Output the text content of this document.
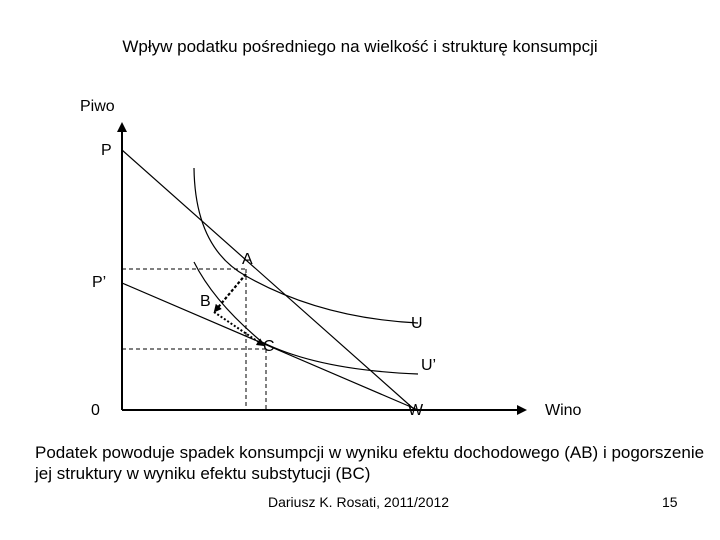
Wpływ podatku pośredniego na wielkość i strukturę konsumpcji
Piwo
Wino
P
P’
0
A
B
C
U
U’
W
Podatek powoduje spadek konsumpcji w wyniku efektu dochodowego (AB) i pogorszenie jej struktury w wyniku efektu substytucji (BC)
Dariusz K. Rosati, 2011/2012	15
